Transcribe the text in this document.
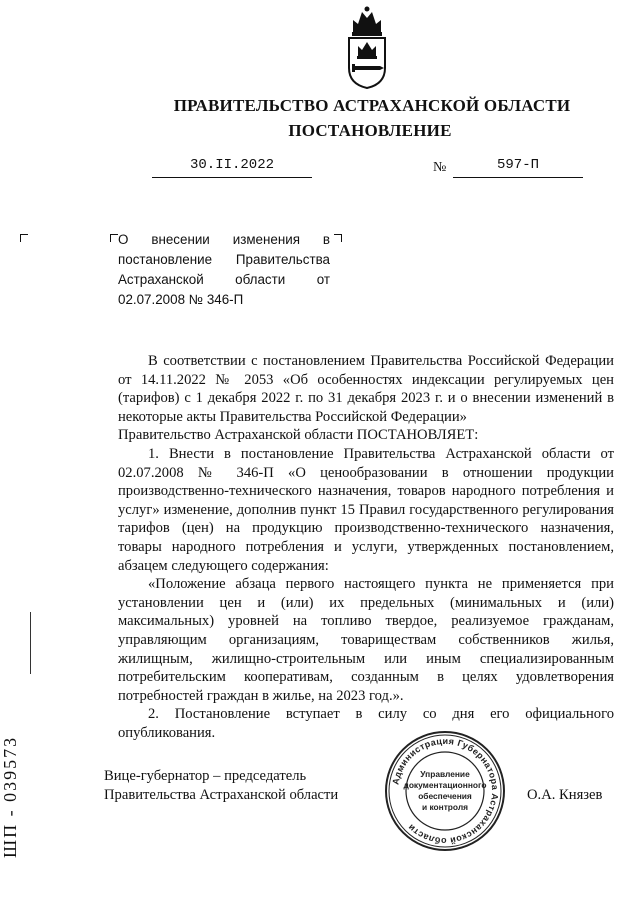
ПРАВИТЕЛЬСТВО АСТРАХАНСКОЙ ОБЛАСТИ
ПОСТАНОВЛЕНИЕ
30.II.2022	№	597-П
О внесении изменения в постановление Правительства Астраханской области от 02.07.2008 № 346-П

В соответствии с постановлением Правительства Российской Федерации от 14.11.2022 № 2053 «Об особенностях индексации регулируемых цен (тарифов) с 1 декабря 2022 г. по 31 декабря 2023 г. и о внесении изменений в некоторые акты Правительства Российской Федерации»

Правительство Астраханской области ПОСТАНОВЛЯЕТ:

1. Внести в постановление Правительства Астраханской области от 02.07.2008 № 346-П «О ценообразовании в отношении продукции производственно-технического назначения, товаров народного потребления и услуг» изменение, дополнив пункт 15 Правил государственного регулирования тарифов (цен) на продукцию производственно-технического назначения, товары народного потребления и услуги, утвержденных постановлением, абзацем следующего содержания:

«Положение абзаца первого настоящего пункта не применяется при установлении цен и (или) их предельных (минимальных и (или) максимальных) уровней на топливо твердое, реализуемое гражданам, управляющим организациям, товариществам собственников жилья, жилищным, жилищно-строительным или иным специализированным потребительским кооперативам, созданным в целях удовлетворения потребностей граждан в жилье, на 2023 год.».

2. Постановление вступает в силу со дня его официального опубликования.

Вице-губернатор – председатель
Правительства Астраханской области	О.А. Князев
Администрация Губернатора Астраханской области
Управление
документационного
обеспечения
и контроля
ШП - 039573
